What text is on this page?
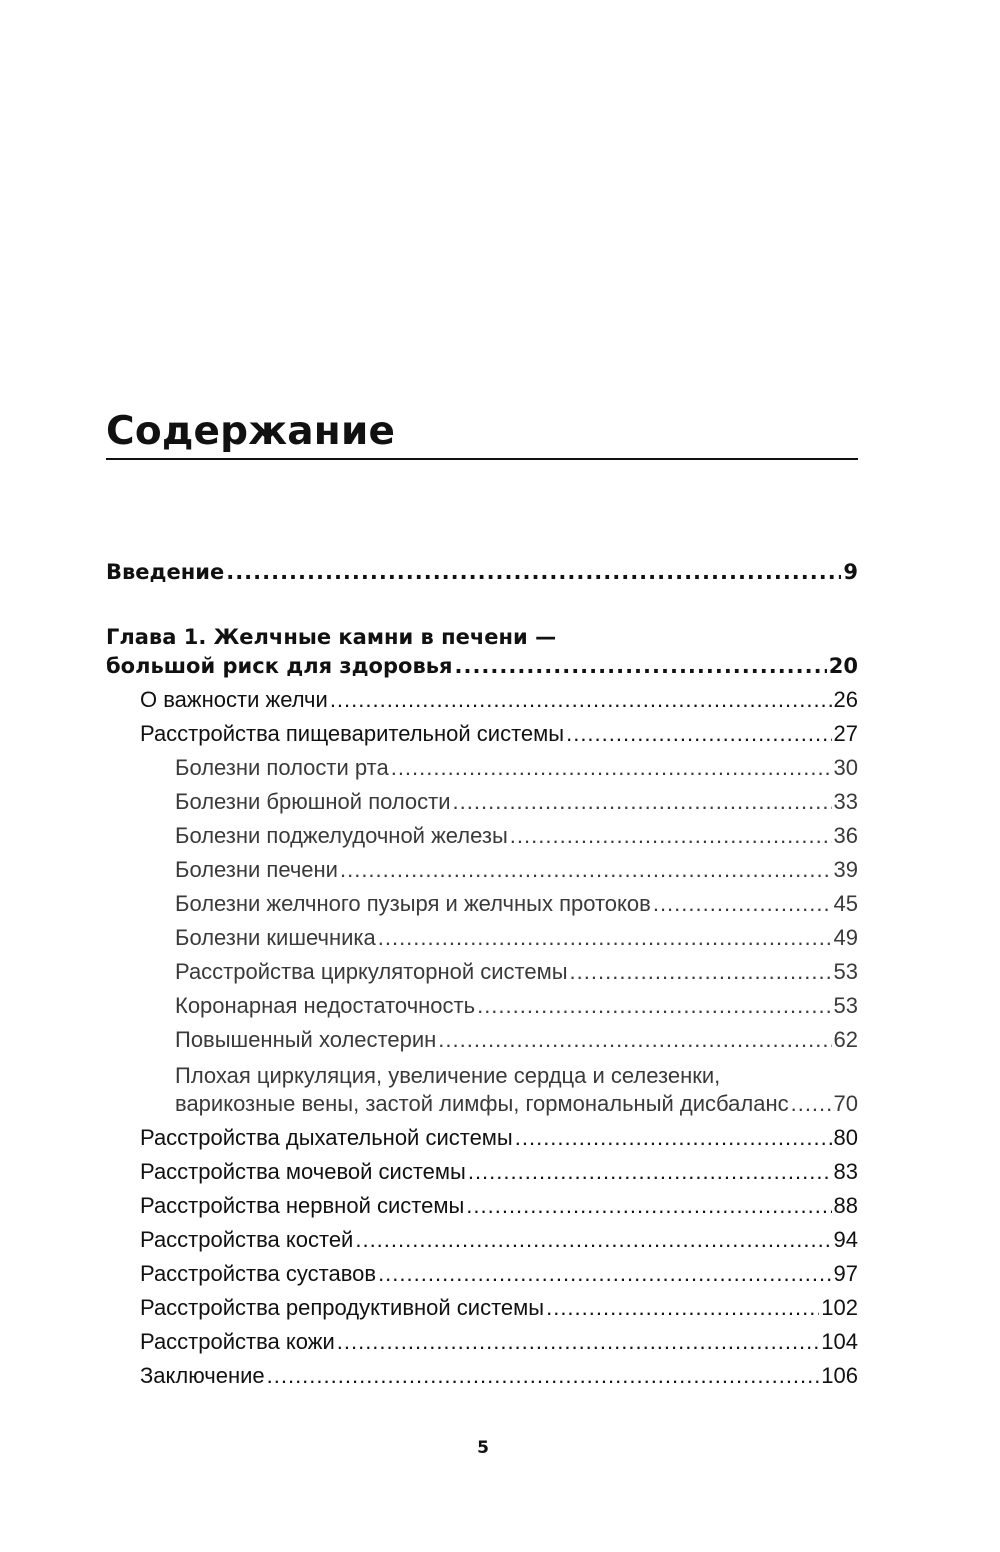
Содержание
Введение .....	9
Глава 1. Желчные камни в печени —
большой риск для здоровья .....	20
О важности желчи .....	26
Расстройства пищеварительной системы .....	27
Болезни полости рта .....	30
Болезни брюшной полости .....	33
Болезни поджелудочной железы .....	36
Болезни печени .....	39
Болезни желчного пузыря и желчных протоков .....	45
Болезни кишечника .....	49
Расстройства циркуляторной системы .....	53
Коронарная недостаточность .....	53
Повышенный холестерин .....	62
Плохая циркуляция, увеличение сердца и селезенки,
варикозные вены, застой лимфы, гормональный дисбаланс ..... 70
Расстройства дыхательной системы .....	80
Расстройства мочевой системы .....	83
Расстройства нервной системы .....	88
Расстройства костей .....	94
Расстройства суставов .....	97
Расстройства репродуктивной системы .....	102
Расстройства кожи .....	104
Заключение .....	106
5
